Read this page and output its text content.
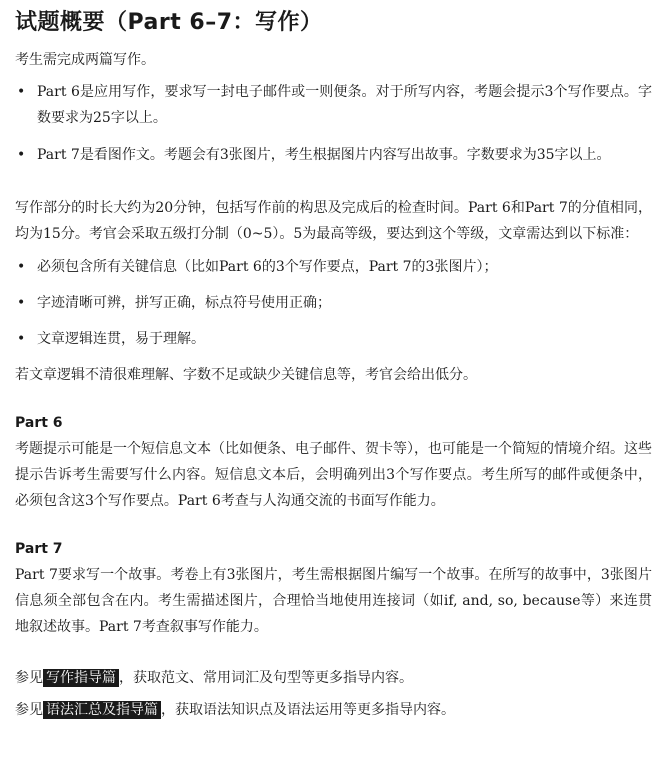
试题概要（Part 6–7：写作）

考生需完成两篇写作。

• Part 6是应用写作，要求写一封电子邮件或一则便条。对于所写内容，考题会提示3个写作要点。字数要求为25字以上。
• Part 7是看图作文。考题会有3张图片，考生根据图片内容写出故事。字数要求为35字以上。

写作部分的时长大约为20分钟，包括写作前的构思及完成后的检查时间。Part 6和Part 7的分值相同，均为15分。考官会采取五级打分制（0~5）。5为最高等级，要达到这个等级，文章需达到以下标准：

• 必须包含所有关键信息（比如Part 6的3个写作要点，Part 7的3张图片）；
• 字迹清晰可辨，拼写正确，标点符号使用正确；
• 文章逻辑连贯，易于理解。

若文章逻辑不清很难理解、字数不足或缺少关键信息等，考官会给出低分。

Part 6

考题提示可能是一个短信息文本（比如便条、电子邮件、贺卡等），也可能是一个简短的情境介绍。这些提示告诉考生需要写什么内容。短信息文本后，会明确列出3个写作要点。考生所写的邮件或便条中，必须包含这3个写作要点。Part 6考查与人沟通交流的书面写作能力。

Part 7

Part 7要求写一个故事。考卷上有3张图片，考生需根据图片编写一个故事。在所写的故事中，3张图片信息须全部包含在内。考生需描述图片，合理恰当地使用连接词（如if, and, so, because等）来连贯地叙述故事。Part 7考查叙事写作能力。

参见 写作指导篇 ，获取范文、常用词汇及句型等更多指导内容。

参见 语法汇总及指导篇 ，获取语法知识点及语法运用等更多指导内容。
